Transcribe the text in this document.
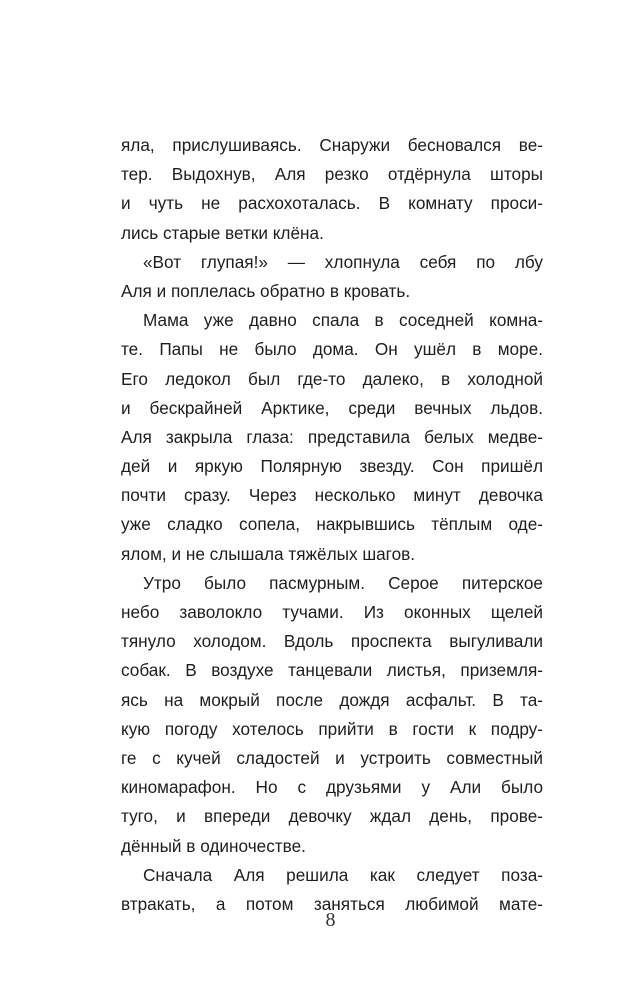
яла, прислушиваясь. Снаружи бесновался ве-
тер. Выдохнув, Аля резко отдёрнула шторы
и чуть не расхохоталась. В комнату проси-
лись старые ветки клёна.
«Вот глупая!» — хлопнула себя по лбу
Аля и поплелась обратно в кровать.
Мама уже давно спала в соседней комна-
те. Папы не было дома. Он ушёл в море.
Его ледокол был где-то далеко, в холодной
и бескрайней Арктике, среди вечных льдов.
Аля закрыла глаза: представила белых медве-
дей и яркую Полярную звезду. Сон пришёл
почти сразу. Через несколько минут девочка
уже сладко сопела, накрывшись тёплым оде-
ялом, и не слышала тяжёлых шагов.
Утро было пасмурным. Серое питерское
небо заволокло тучами. Из оконных щелей
тянуло холодом. Вдоль проспекта выгуливали
собак. В воздухе танцевали листья, приземля-
ясь на мокрый после дождя асфальт. В та-
кую погоду хотелось прийти в гости к подру-
ге с кучей сладостей и устроить совместный
киномарафон. Но с друзьями у Али было
туго, и впереди девочку ждал день, прове-
дённый в одиночестве.
Сначала Аля решила как следует поза-
втракать, а потом заняться любимой мате-
8
